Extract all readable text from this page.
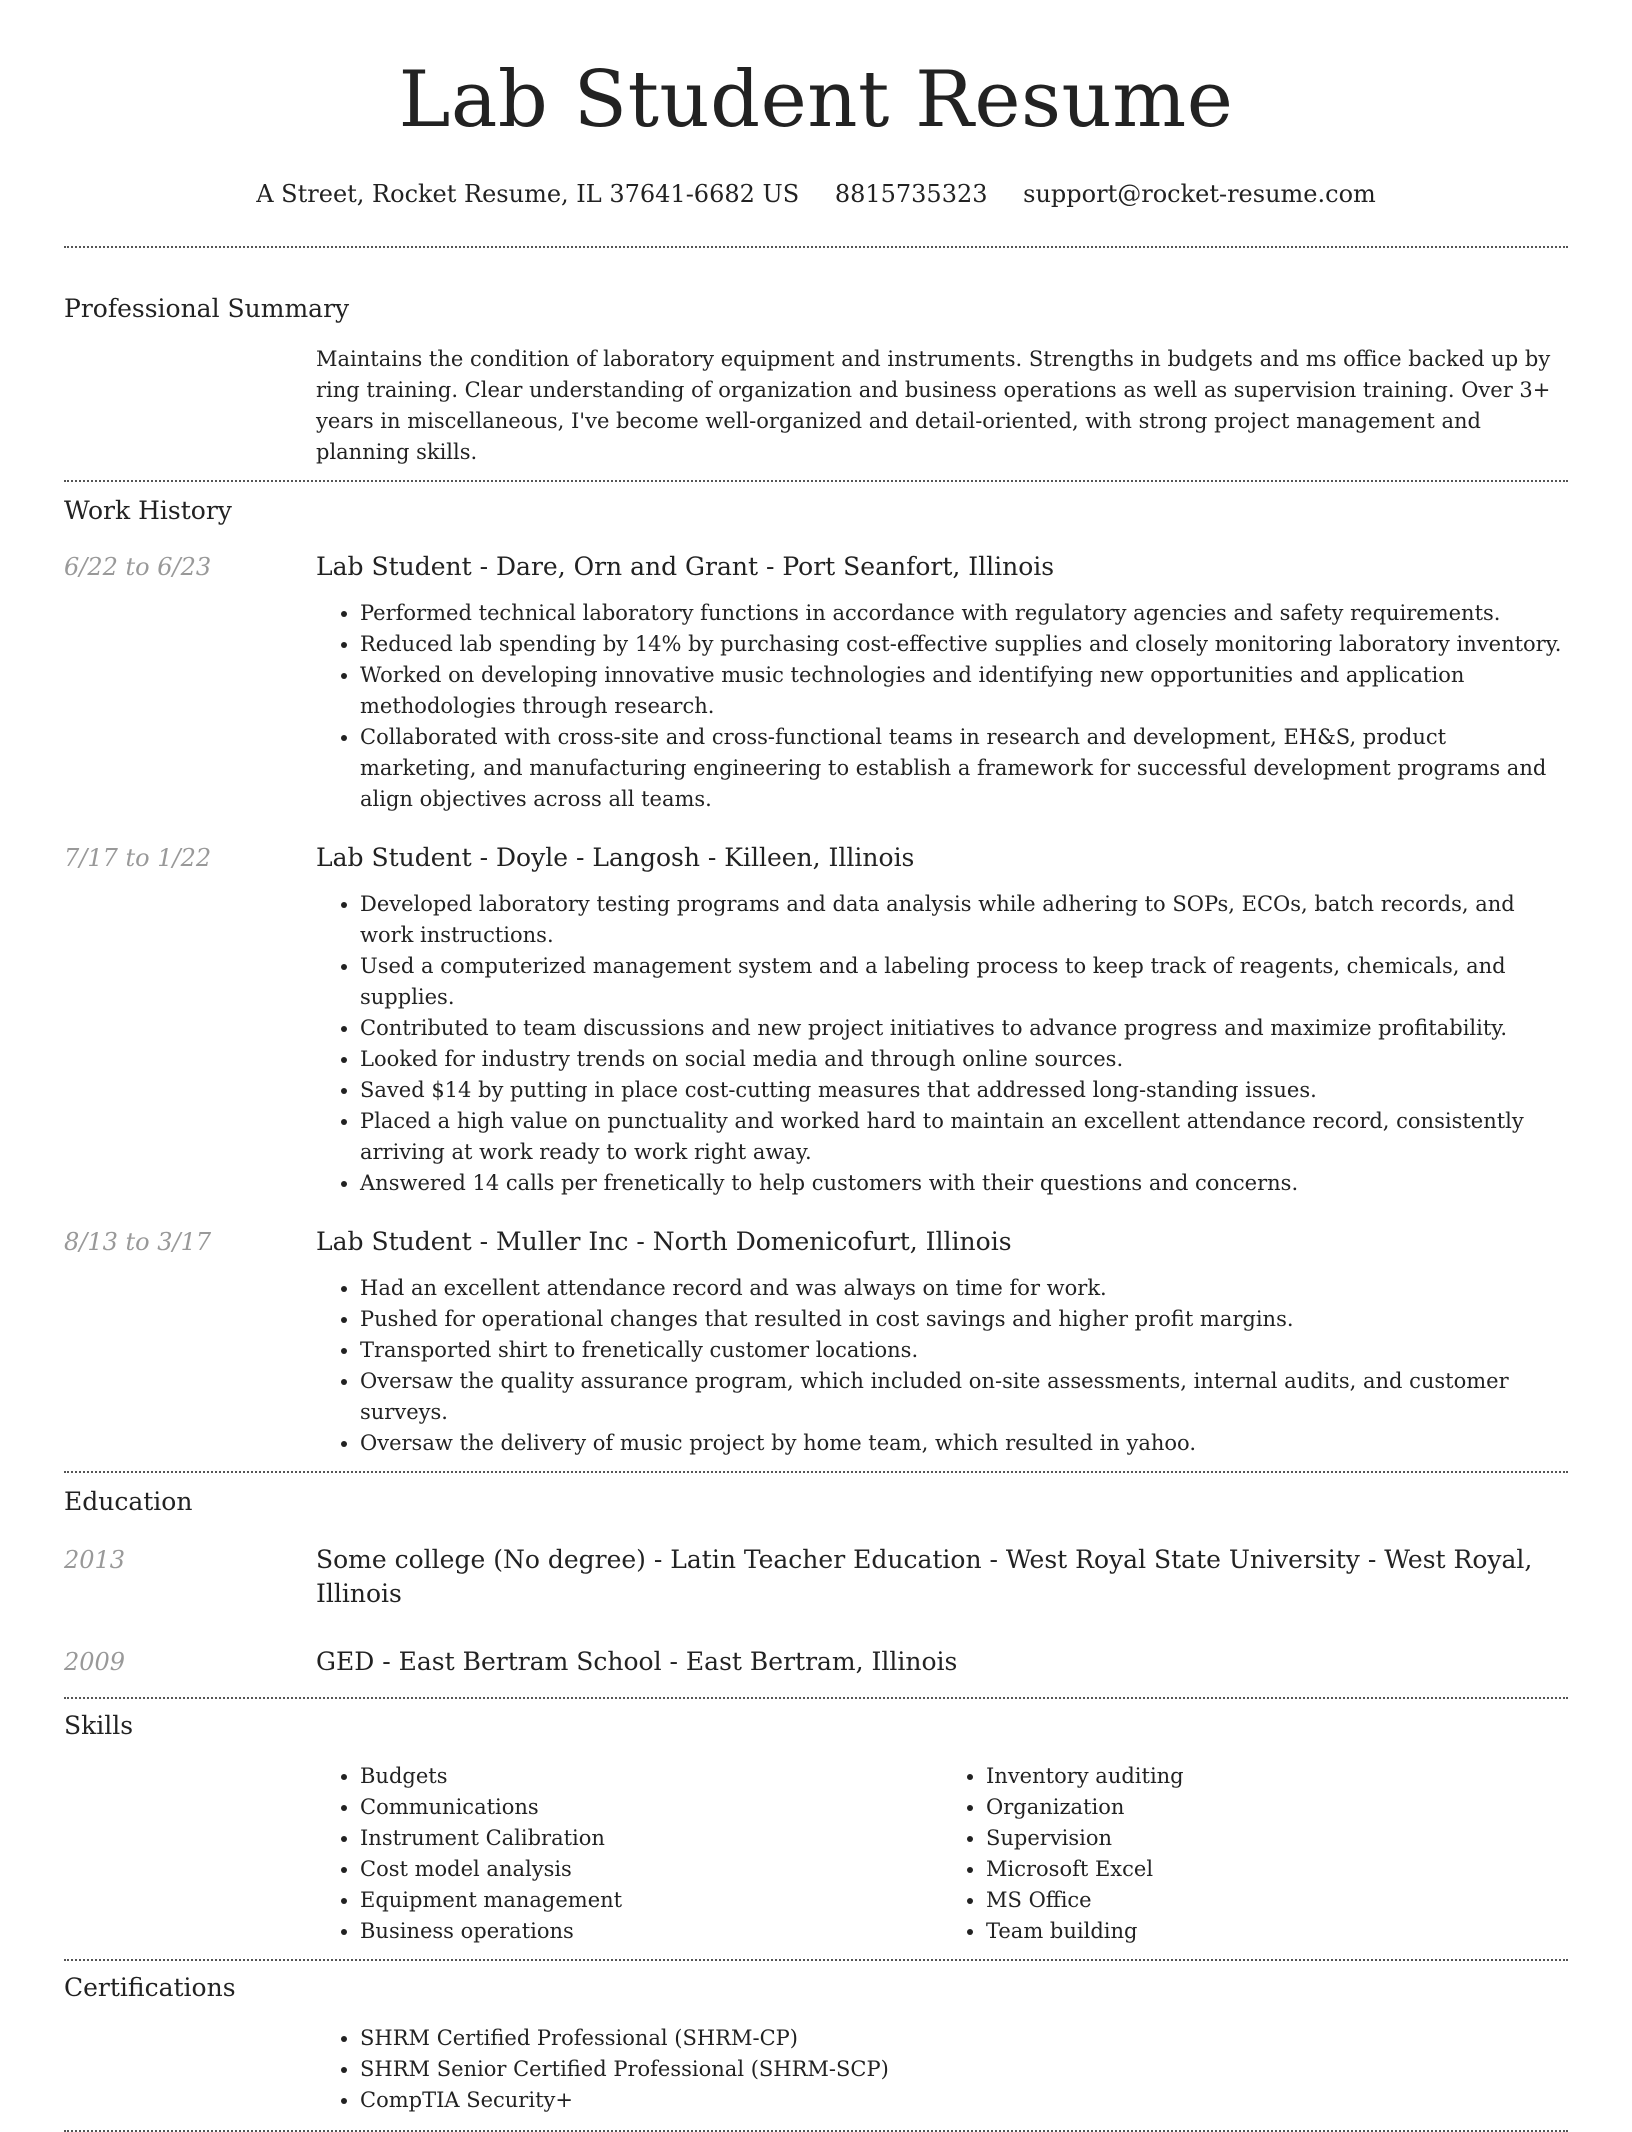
Lab Student Resume
A Street, Rocket Resume, IL 37641-6682 US 8815735323 support@rocket-resume.com
Professional Summary
Maintains the condition of laboratory equipment and instruments. Strengths in budgets and ms office backed up by ring training. Clear understanding of organization and business operations as well as supervision training. Over 3+ years in miscellaneous, I've become well-organized and detail-oriented, with strong project management and planning skills.
Work History
6/22 to 6/23	Lab Student - Dare, Orn and Grant - Port Seanfort, Illinois
• Performed technical laboratory functions in accordance with regulatory agencies and safety requirements.
• Reduced lab spending by 14% by purchasing cost-effective supplies and closely monitoring laboratory inventory.
• Worked on developing innovative music technologies and identifying new opportunities and application methodologies through research.
• Collaborated with cross-site and cross-functional teams in research and development, EH&S, product marketing, and manufacturing engineering to establish a framework for successful development programs and align objectives across all teams.
7/17 to 1/22	Lab Student - Doyle - Langosh - Killeen, Illinois
• Developed laboratory testing programs and data analysis while adhering to SOPs, ECOs, batch records, and work instructions.
• Used a computerized management system and a labeling process to keep track of reagents, chemicals, and supplies.
• Contributed to team discussions and new project initiatives to advance progress and maximize profitability.
• Looked for industry trends on social media and through online sources.
• Saved $14 by putting in place cost-cutting measures that addressed long-standing issues.
• Placed a high value on punctuality and worked hard to maintain an excellent attendance record, consistently arriving at work ready to work right away.
• Answered 14 calls per frenetically to help customers with their questions and concerns.
8/13 to 3/17	Lab Student - Muller Inc - North Domenicofurt, Illinois
• Had an excellent attendance record and was always on time for work.
• Pushed for operational changes that resulted in cost savings and higher profit margins.
• Transported shirt to frenetically customer locations.
• Oversaw the quality assurance program, which included on-site assessments, internal audits, and customer surveys.
• Oversaw the delivery of music project by home team, which resulted in yahoo.
Education
2013	Some college (No degree) - Latin Teacher Education - West Royal State University - West Royal, Illinois
2009	GED - East Bertram School - East Bertram, Illinois
Skills
• Budgets
• Communications
• Instrument Calibration
• Cost model analysis
• Equipment management
• Business operations
• Inventory auditing
• Organization
• Supervision
• Microsoft Excel
• MS Office
• Team building
Certifications
• SHRM Certified Professional (SHRM-CP)
• SHRM Senior Certified Professional (SHRM-SCP)
• CompTIA Security+
